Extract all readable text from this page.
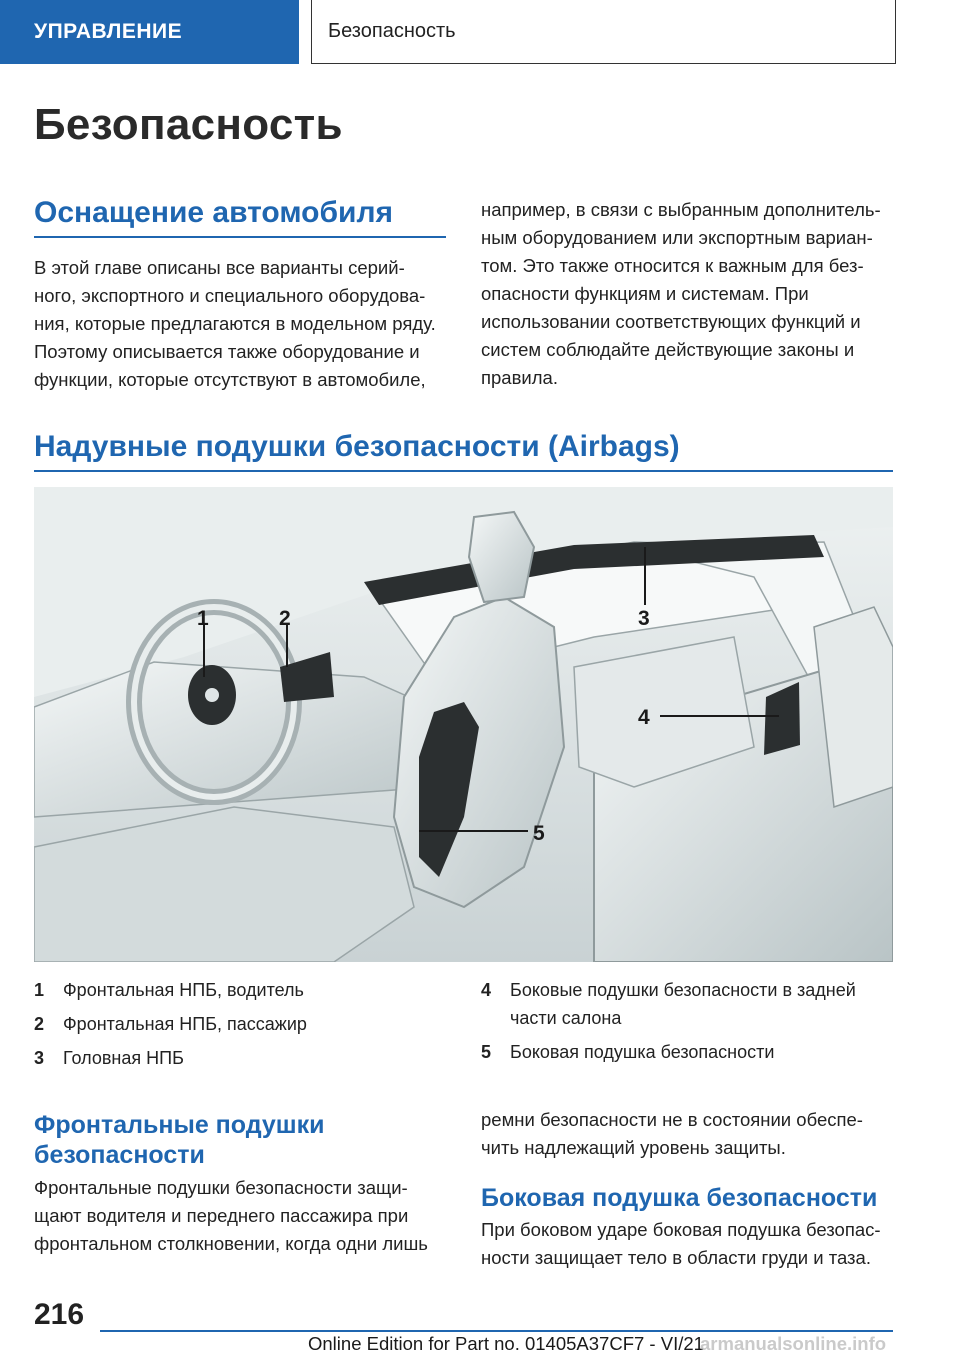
УПРАВЛЕНИЕ	Безопасность
Безопасность
Оснащение автомобиля

В этой главе описаны все варианты серий-
ного, экспортного и специального оборудова-
ния, которые предлагаются в модельном ряду.
Поэтому описывается также оборудование и
функции, которые отсутствуют в автомобиле,

например, в связи с выбранным дополнитель-
ным оборудованием или экспортным вариан-
том. Это также относится к важным для без-
опасности функциям и системам. При
использовании соответствующих функций и
систем соблюдайте действующие законы и
правила.

Надувные подушки безопасности (Airbags)
1	2	3
4
5
1	Фронтальная НПБ, водитель
2	Фронтальная НПБ, пассажир
3	Головная НПБ
4	Боковые подушки безопасности в задней
части салона
5	Боковая подушка безопасности
Фронтальные подушки
безопасности

Фронтальные подушки безопасности защи-
щают водителя и переднего пассажира при
фронтальном столкновении, когда одни лишь

ремни безопасности не в состоянии обеспе-
чить надлежащий уровень защиты.

Боковая подушка безопасности

При боковом ударе боковая подушка безопас-
ности защищает тело в области груди и таза.

216
Online Edition for Part no. 01405A37CF7 - VI/21
armanualsonline.info
